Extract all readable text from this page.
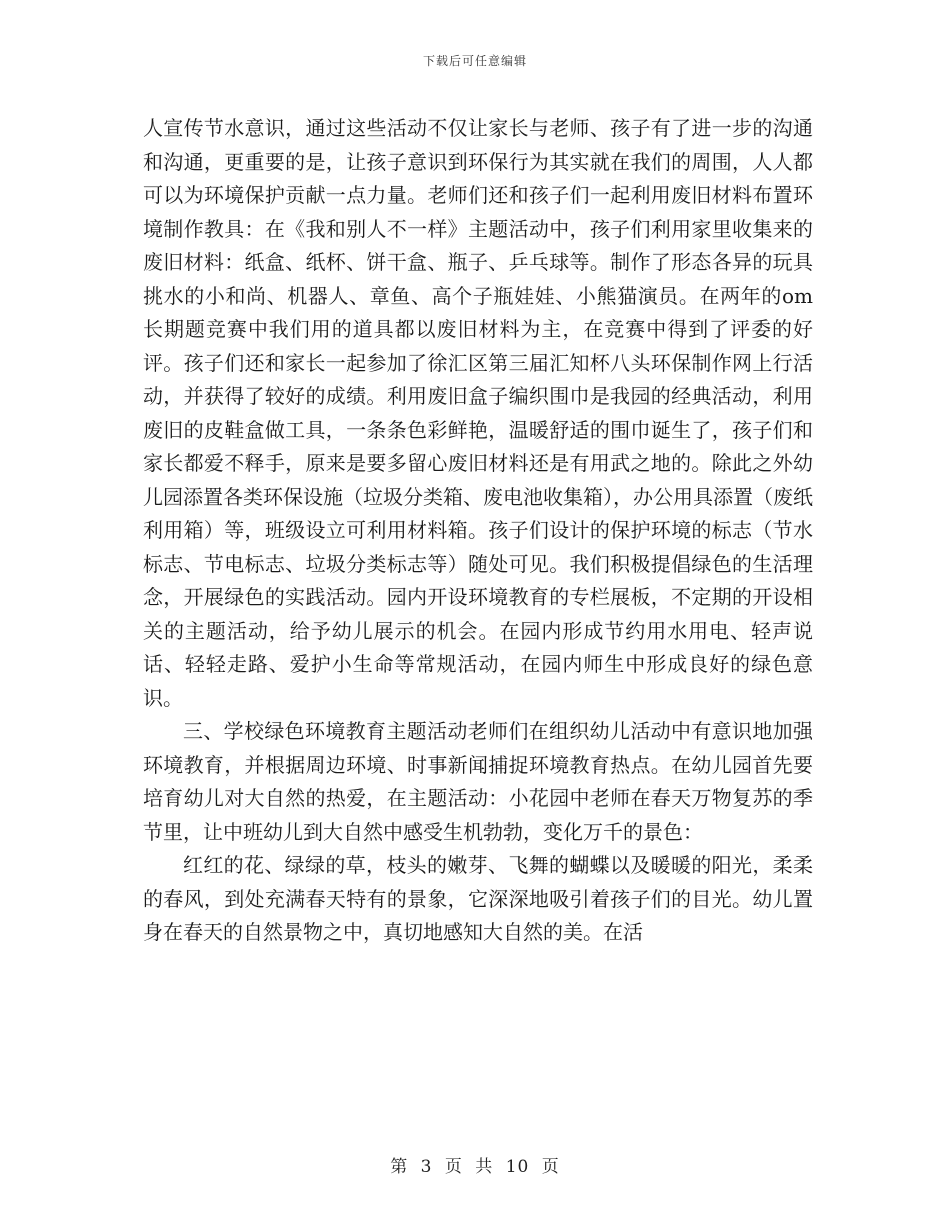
下载后可任意编辑

人宣传节水意识，通过这些活动不仅让家长与老师、孩子有了进一步的沟通和沟通，更重要的是，让孩子意识到环保行为其实就在我们的周围，人人都可以为环境保护贡献一点力量。老师们还和孩子们一起利用废旧材料布置环境制作教具：在《我和别人不一样》主题活动中，孩子们利用家里收集来的废旧材料：纸盒、纸杯、饼干盒、瓶子、乒乓球等。制作了形态各异的玩具挑水的小和尚、机器人、章鱼、高个子瓶娃娃、小熊猫演员。在两年的om长期题竞赛中我们用的道具都以废旧材料为主，在竞赛中得到了评委的好评。孩子们还和家长一起参加了徐汇区第三届汇知杯八头环保制作网上行活动，并获得了较好的成绩。利用废旧盒子编织围巾是我园的经典活动，利用废旧的皮鞋盒做工具，一条条色彩鲜艳，温暖舒适的围巾诞生了，孩子们和家长都爱不释手，原来是要多留心废旧材料还是有用武之地的。除此之外幼儿园添置各类环保设施（垃圾分类箱、废电池收集箱），办公用具添置（废纸利用箱）等，班级设立可利用材料箱。孩子们设计的保护环境的标志（节水标志、节电标志、垃圾分类标志等）随处可见。我们积极提倡绿色的生活理念，开展绿色的实践活动。园内开设环境教育的专栏展板，不定期的开设相关的主题活动，给予幼儿展示的机会。在园内形成节约用水用电、轻声说话、轻轻走路、爱护小生命等常规活动，在园内师生中形成良好的绿色意识。

三、学校绿色环境教育主题活动老师们在组织幼儿活动中有意识地加强环境教育，并根据周边环境、时事新闻捕捉环境教育热点。在幼儿园首先要培育幼儿对大自然的热爱，在主题活动：小花园中老师在春天万物复苏的季节里，让中班幼儿到大自然中感受生机勃勃，变化万千的景色：

红红的花、绿绿的草，枝头的嫩芽、飞舞的蝴蝶以及暖暖的阳光，柔柔的春风，到处充满春天特有的景象，它深深地吸引着孩子们的目光。幼儿置身在春天的自然景物之中，真切地感知大自然的美。在活

第 3 页 共 10 页
